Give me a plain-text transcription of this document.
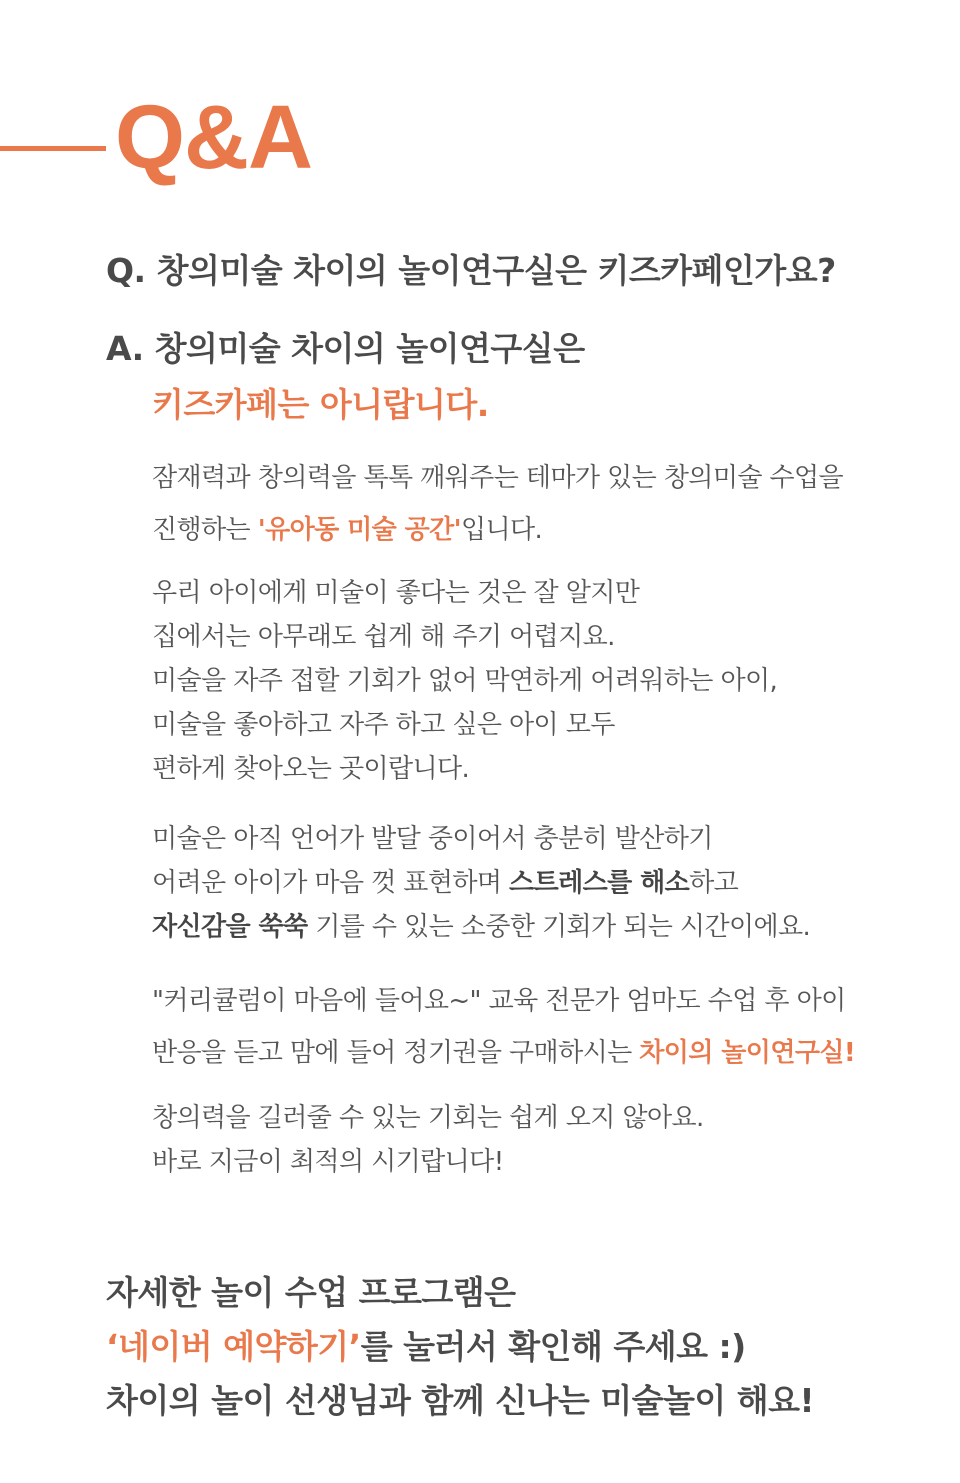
Q&A
Q. 창의미술 차이의 놀이연구실은 키즈카페인가요?
A. 창의미술 차이의 놀이연구실은
키즈카페는 아니랍니다.
잠재력과 창의력을 톡톡 깨워주는 테마가 있는 창의미술 수업을
진행하는 '유아동 미술 공간'입니다.
우리 아이에게 미술이 좋다는 것은 잘 알지만
집에서는 아무래도 쉽게 해 주기 어렵지요.
미술을 자주 접할 기회가 없어 막연하게 어려워하는 아이,
미술을 좋아하고 자주 하고 싶은 아이 모두
편하게 찾아오는 곳이랍니다.
미술은 아직 언어가 발달 중이어서 충분히 발산하기
어려운 아이가 마음 껏 표현하며 스트레스를 해소하고
자신감을 쑥쑥 기를 수 있는 소중한 기회가 되는 시간이에요.
"커리큘럼이 마음에 들어요~" 교육 전문가 엄마도 수업 후 아이
반응을 듣고 맘에 들어 정기권을 구매하시는 차이의 놀이연구실!
창의력을 길러줄 수 있는 기회는 쉽게 오지 않아요.
바로 지금이 최적의 시기랍니다!
자세한 놀이 수업 프로그램은
‘네이버 예약하기’를 눌러서 확인해 주세요 :)
차이의 놀이 선생님과 함께 신나는 미술놀이 해요!
